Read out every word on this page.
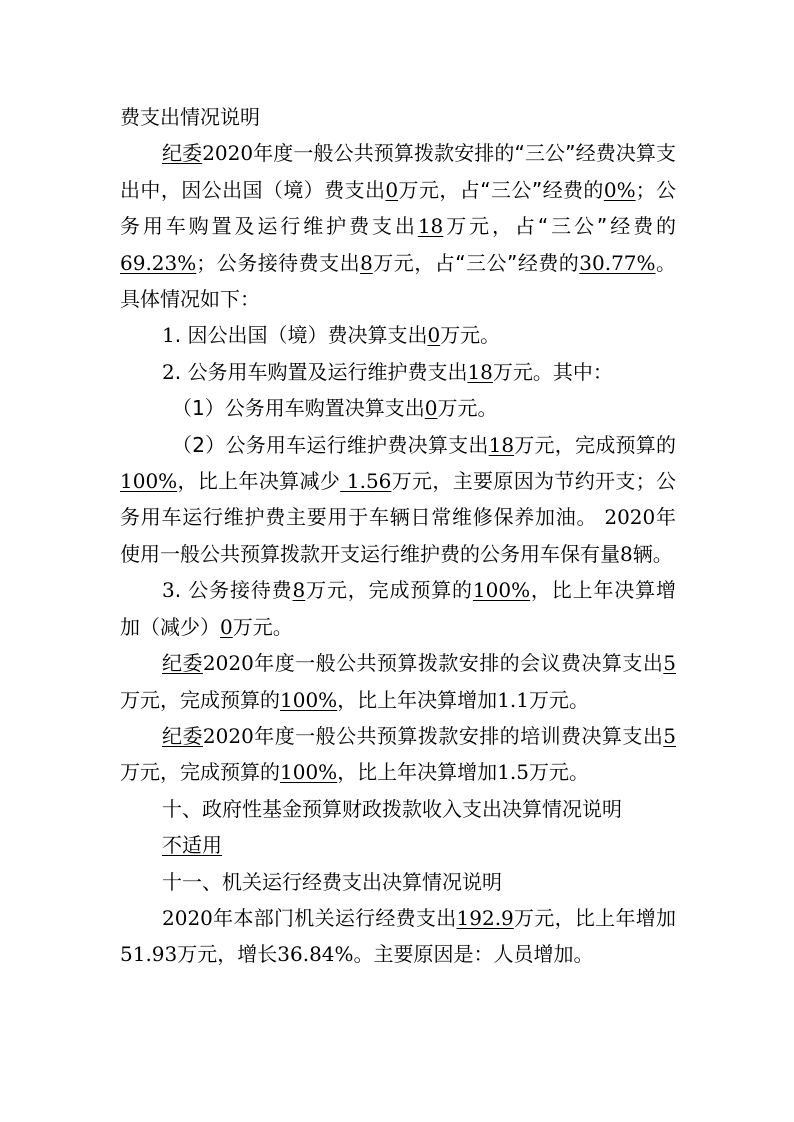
费支出情况说明

纪委2020年度一般公共预算拨款安排的“三公”经费决算支出中，因公出国（境）费支出0万元，占“三公”经费的0%；公务用车购置及运行维护费支出18万元，占“三公”经费的69.23%；公务接待费支出8万元，占“三公”经费的30.77%。具体情况如下：

1. 因公出国（境）费决算支出0万元。

2. 公务用车购置及运行维护费支出18万元。其中：

（1）公务用车购置决算支出0万元。

（2）公务用车运行维护费决算支出18万元，完成预算的100%，比上年决算减少 1.56万元，主要原因为节约开支；公务用车运行维护费主要用于车辆日常维修保养加油。 2020年使用一般公共预算拨款开支运行维护费的公务用车保有量8辆。

3. 公务接待费8万元，完成预算的100%，比上年决算增加（减少）0万元。

纪委2020年度一般公共预算拨款安排的会议费决算支出5万元，完成预算的100%，比上年决算增加1.1万元。

纪委2020年度一般公共预算拨款安排的培训费决算支出5万元，完成预算的100%，比上年决算增加1.5万元。

十、政府性基金预算财政拨款收入支出决算情况说明

不适用

十一、机关运行经费支出决算情况说明

2020年本部门机关运行经费支出192.9万元，比上年增加51.93万元，增长36.84%。主要原因是：人员增加。
